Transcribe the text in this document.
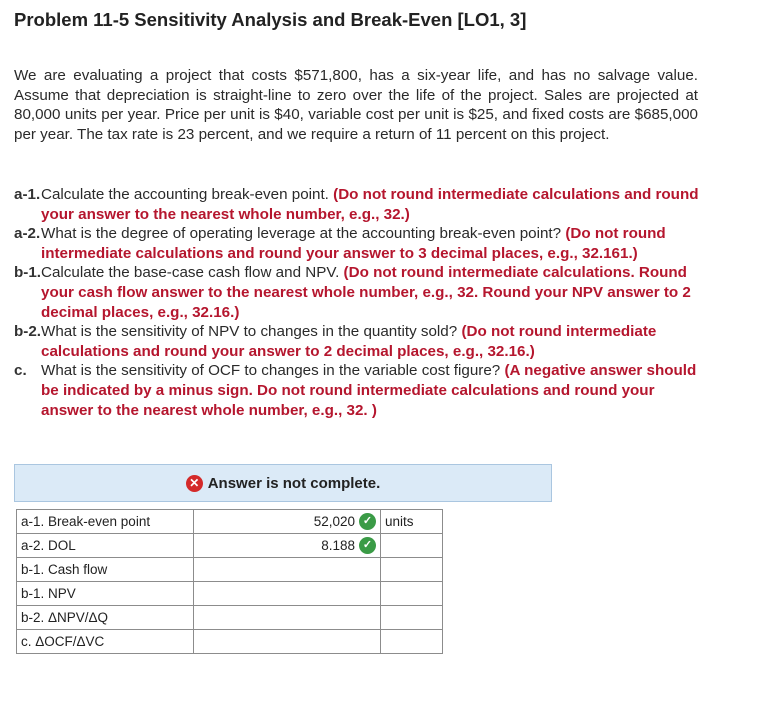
Problem 11-5 Sensitivity Analysis and Break-Even [LO1, 3]
We are evaluating a project that costs $571,800, has a six-year life, and has no salvage value. Assume that depreciation is straight-line to zero over the life of the project. Sales are projected at 80,000 units per year. Price per unit is $40, variable cost per unit is $25, and fixed costs are $685,000 per year. The tax rate is 23 percent, and we require a return of 11 percent on this project.
a-1. Calculate the accounting break-even point. (Do not round intermediate calculations and round your answer to the nearest whole number, e.g., 32.)
a-2. What is the degree of operating leverage at the accounting break-even point? (Do not round intermediate calculations and round your answer to 3 decimal places, e.g., 32.161.)
b-1. Calculate the base-case cash flow and NPV. (Do not round intermediate calculations. Round your cash flow answer to the nearest whole number, e.g., 32. Round your NPV answer to 2 decimal places, e.g., 32.16.)
b-2. What is the sensitivity of NPV to changes in the quantity sold? (Do not round intermediate calculations and round your answer to 2 decimal places, e.g., 32.16.)
c. What is the sensitivity of OCF to changes in the variable cost figure? (A negative answer should be indicated by a minus sign. Do not round intermediate calculations and round your answer to the nearest whole number, e.g., 32. )
✕ Answer is not complete.
a-1. Break-even point	52,020 ✓	units
a-2. DOL	8.188 ✓	

b-1. Cash flow		
b-1. NPV		
b-2. ΔNPV/ΔQ		
c. ΔOCF/ΔVC		
